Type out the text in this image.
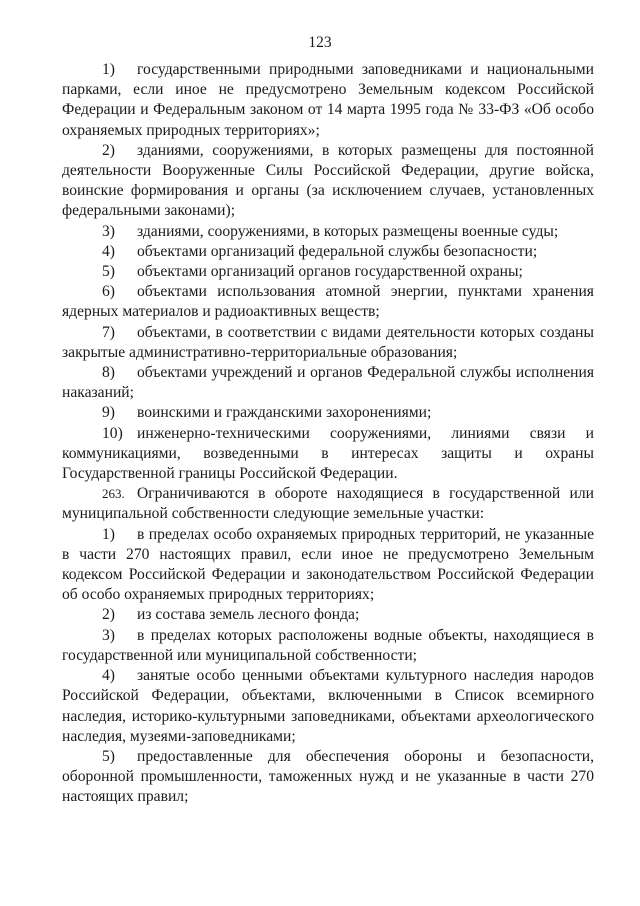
123

1) государственными природными заповедниками и национальными парками, если иное не предусмотрено Земельным кодексом Российской Федерации и Федеральным законом от 14 марта 1995 года № 33-ФЗ «Об особо охраняемых природных территориях»;

2) зданиями, сооружениями, в которых размещены для постоянной деятельности Вооруженные Силы Российской Федерации, другие войска, воинские формирования и органы (за исключением случаев, установленных федеральными законами);

3) зданиями, сооружениями, в которых размещены военные суды;

4) объектами организаций федеральной службы безопасности;

5) объектами организаций органов государственной охраны;

6) объектами использования атомной энергии, пунктами хранения ядерных материалов и радиоактивных веществ;

7) объектами, в соответствии с видами деятельности которых созданы закрытые административно-территориальные образования;

8) объектами учреждений и органов Федеральной службы исполнения наказаний;

9) воинскими и гражданскими захоронениями;

10) инженерно-техническими сооружениями, линиями связи и коммуникациями, возведенными в интересах защиты и охраны Государственной границы Российской Федерации.

263. Ограничиваются в обороте находящиеся в государственной или муниципальной собственности следующие земельные участки:

1) в пределах особо охраняемых природных территорий, не указанные в части 270 настоящих правил, если иное не предусмотрено Земельным кодексом Российской Федерации и законодательством Российской Федерации об особо охраняемых природных территориях;

2) из состава земель лесного фонда;

3) в пределах которых расположены водные объекты, находящиеся в государственной или муниципальной собственности;

4) занятые особо ценными объектами культурного наследия народов Российской Федерации, объектами, включенными в Список всемирного наследия, историко-культурными заповедниками, объектами археологического наследия, музеями-заповедниками;

5) предоставленные для обеспечения обороны и безопасности, оборонной промышленности, таможенных нужд и не указанные в части 270 настоящих правил;
